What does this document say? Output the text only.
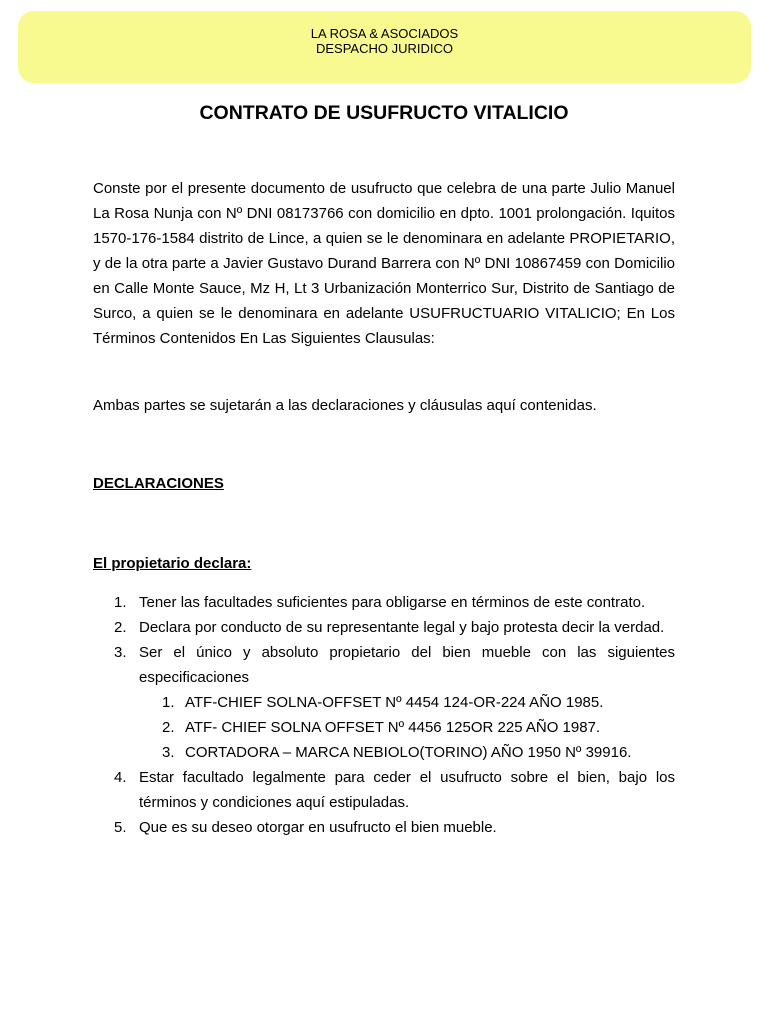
LA ROSA & ASOCIADOS
DESPACHO JURIDICO
CONTRATO DE USUFRUCTO VITALICIO

Conste por el presente documento de usufructo que celebra de una parte Julio Manuel La Rosa Nunja con Nº DNI 08173766 con domicilio en dpto. 1001 prolongación. Iquitos 1570-176-1584 distrito de Lince, a quien se le denominara en adelante PROPIETARIO, y de la otra parte a Javier Gustavo Durand Barrera con Nº DNI 10867459 con Domicilio en Calle Monte Sauce, Mz H, Lt 3 Urbanización Monterrico Sur, Distrito de Santiago de Surco, a quien se le denominara en adelante USUFRUCTUARIO VITALICIO; En Los Términos Contenidos En Las Siguientes Clausulas:

Ambas partes se sujetarán a las declaraciones y cláusulas aquí contenidas.

DECLARACIONES
El propietario declara:
1. Tener las facultades suficientes para obligarse en términos de este contrato.
2. Declara por conducto de su representante legal y bajo protesta decir la verdad.
3. Ser el único y absoluto propietario del bien mueble con las siguientes especificaciones
1. ATF-CHIEF SOLNA-OFFSET Nº 4454 124-OR-224 AÑO 1985.
2. ATF- CHIEF SOLNA OFFSET Nº 4456 125OR 225 AÑO 1987.
3. CORTADORA – MARCA NEBIOLO(TORINO) AÑO 1950 Nº 39916.
4. Estar facultado legalmente para ceder el usufructo sobre el bien, bajo los términos y condiciones aquí estipuladas.
5. Que es su deseo otorgar en usufructo el bien mueble.
